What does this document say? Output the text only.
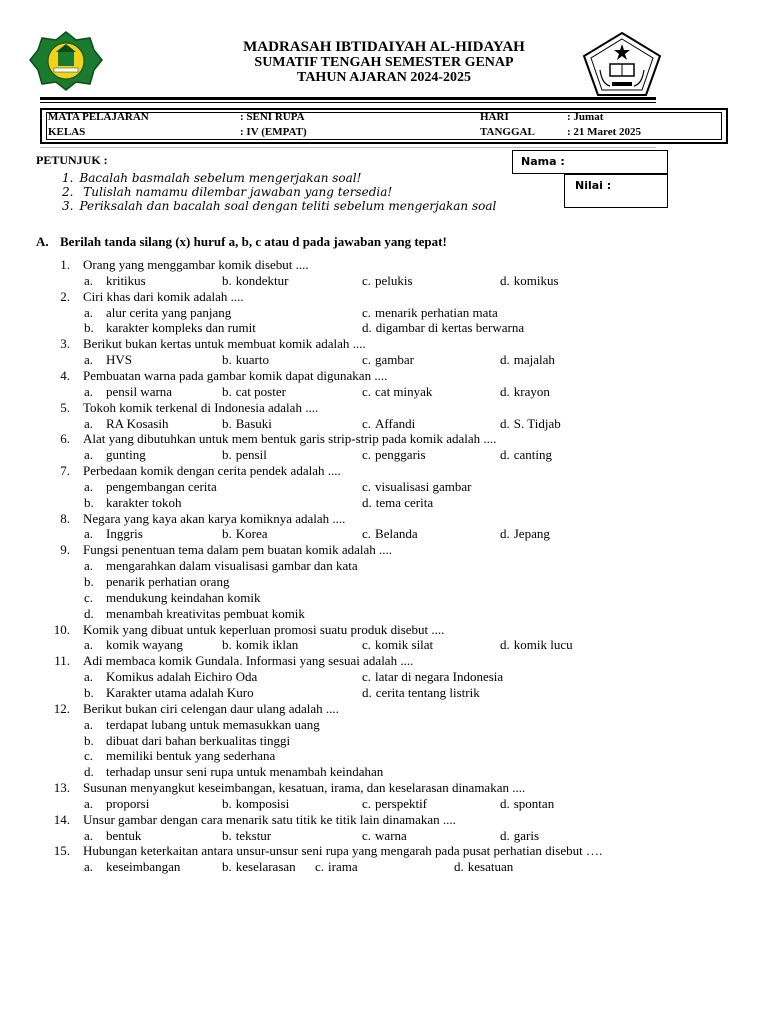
MADRASAH IBTIDAIYAH AL-HIDAYAH
SUMATIF TENGAH SEMESTER GENAP
TAHUN AJARAN 2024-2025
MATA PELAJARAN	: SENI RUPA	HARI	: Jumat
KELAS	: IV (EMPAT)	TANGGAL	: 21 Maret 2025
PETUNJUK :
1. Bacalah basmalah sebelum mengerjakan soal!
2. Tulislah namamu dilembar jawaban yang tersedia!
3. Periksalah dan bacalah soal dengan teliti sebelum mengerjakan soal
Nama :
Nilai :
A. Berilah tanda silang (x) huruf a, b, c atau d pada jawaban yang tepat!
1. Orang yang menggambar komik disebut ....
a. kritikus	b. kondektur	c. pelukis	d. komikus
2. Ciri khas dari komik adalah ....
a. alur cerita yang panjang	c. menarik perhatian mata
b. karakter kompleks dan rumit	d. digambar di kertas berwarna
3. Berikut bukan kertas untuk membuat komik adalah ....
a. HVS	b. kuarto	c. gambar	d. majalah
4. Pembuatan warna pada gambar komik dapat digunakan ....
a. pensil warna	b. cat poster	c. cat minyak	d. krayon
5. Tokoh komik terkenal di Indonesia adalah ....
a. RA Kosasih	b. Basuki	c. Affandi	d. S. Tidjab
6. Alat yang dibutuhkan untuk mem bentuk garis strip-strip pada komik adalah ....
a. gunting	b. pensil	c. penggaris	d. canting
7. Perbedaan komik dengan cerita pendek adalah ....
a. pengembangan cerita	c. visualisasi gambar
b. karakter tokoh	d. tema cerita
8. Negara yang kaya akan karya komiknya adalah ....
a. Inggris	b. Korea	c. Belanda	d. Jepang
9. Fungsi penentuan tema dalam pem buatan komik adalah ....
a. mengarahkan dalam visualisasi gambar dan kata
b. penarik perhatian orang
c. mendukung keindahan komik
d. menambah kreativitas pembuat komik
10. Komik yang dibuat untuk keperluan promosi suatu produk disebut ....
a. komik wayang	b. komik iklan	c. komik silat	d. komik lucu
11. Adi membaca komik Gundala. Informasi yang sesuai adalah ....
a. Komikus adalah Eichiro Oda	c. latar di negara Indonesia
b. Karakter utama adalah Kuro	d. cerita tentang listrik
12. Berikut bukan ciri celengan daur ulang adalah ....
a. terdapat lubang untuk memasukkan uang
b. dibuat dari bahan berkualitas tinggi
c. memiliki bentuk yang sederhana
d. terhadap unsur seni rupa untuk menambah keindahan
13. Susunan menyangkut keseimbangan, kesatuan, irama, dan keselarasan dinamakan ....
a. proporsi	b. komposisi	c. perspektif	d. spontan
14. Unsur gambar dengan cara menarik satu titik ke titik lain dinamakan ....
a. bentuk	b. tekstur	c. warna	d. garis
15. Hubungan keterkaitan antara unsur-unsur seni rupa yang mengarah pada pusat perhatian disebut ….
a. keseimbangan	b. keselarasan c. irama	d. kesatuan
